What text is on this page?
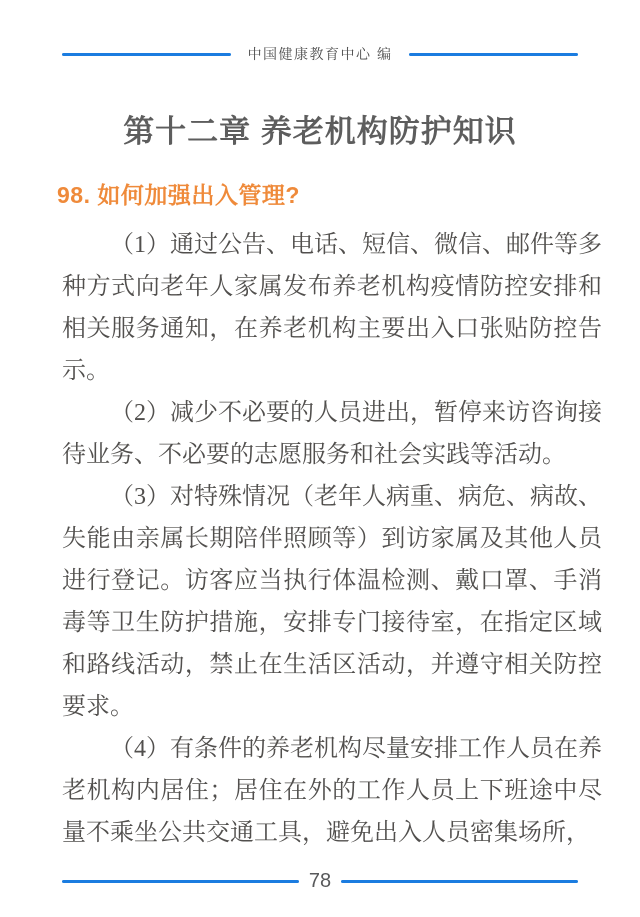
中国健康教育中心 编
第十二章 养老机构防护知识
98. 如何加强出入管理?

（1）通过公告、电话、短信、微信、邮件等多种方式向老年人家属发布养老机构疫情防控安排和相关服务通知，在养老机构主要出入口张贴防控告示。

（2）减少不必要的人员进出，暂停来访咨询接待业务、不必要的志愿服务和社会实践等活动。

（3）对特殊情况（老年人病重、病危、病故、失能由亲属长期陪伴照顾等）到访家属及其他人员进行登记。访客应当执行体温检测、戴口罩、手消毒等卫生防护措施，安排专门接待室，在指定区域和路线活动，禁止在生活区活动，并遵守相关防控要求。

（4）有条件的养老机构尽量安排工作人员在养老机构内居住；居住在外的工作人员上下班途中尽量不乘坐公共交通工具，避免出入人员密集场所，

78
